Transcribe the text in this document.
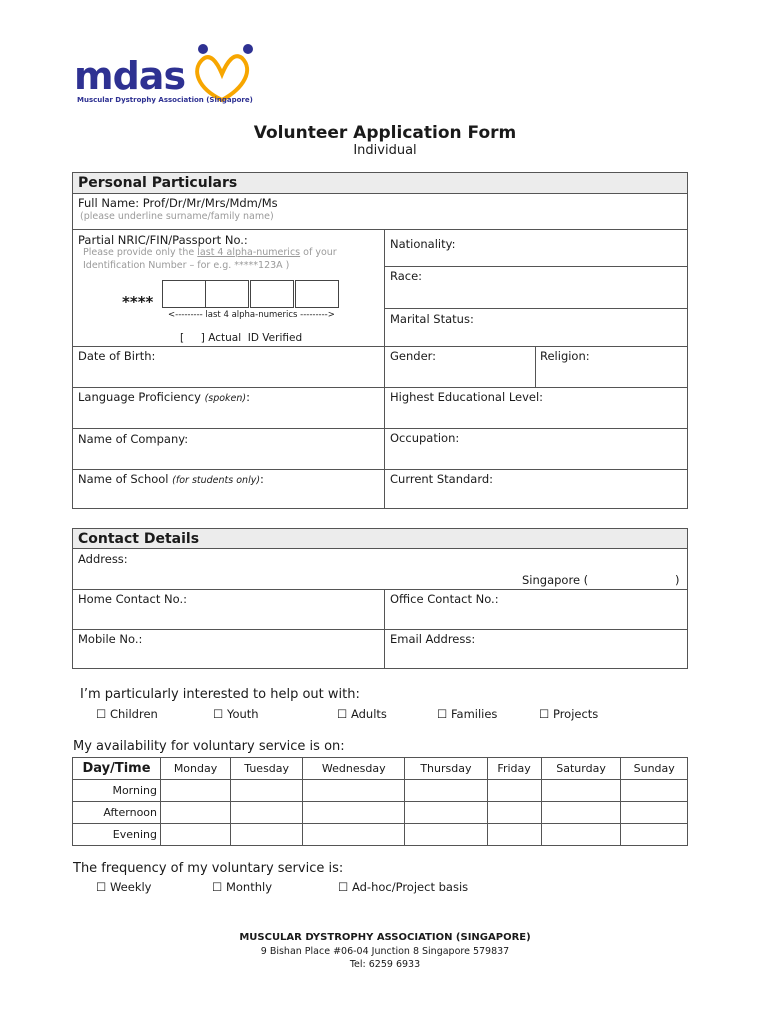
mdas
Muscular Dystrophy Association (Singapore)
Volunteer Application Form
Individual
Personal Particulars
Full Name: Prof/Dr/Mr/Mrs/Mdm/Ms
(please underline surname/family name)
Partial NRIC/FIN/Passport No.:
Please provide only the last 4 alpha-numerics of your
Identification Number – for e.g. *****123A )
****
<--------- last 4 alpha-numerics --------->
[     ] Actual  ID Verified
Nationality:
Race:
Marital Status:
Date of Birth:	Gender:	Religion:
Language Proficiency (spoken):	Highest Educational Level:
Name of Company:	Occupation:
Name of School (for students only):	Current Standard:
Contact Details
Address:
Singapore (	)
Home Contact No.:	Office Contact No.:
Mobile No.:	Email Address:
I’m particularly interested to help out with:
☐ Children	☐ Youth	☐ Adults	☐ Families	☐ Projects
My availability for voluntary service is on:
Day/Time	Monday	Tuesday	Wednesday	Thursday	Friday	Saturday	Sunday
Morning							
Afternoon							
Evening							
The frequency of my voluntary service is:
☐ Weekly	☐ Monthly	☐ Ad-hoc/Project basis
MUSCULAR DYSTROPHY ASSOCIATION (SINGAPORE)
9 Bishan Place #06-04 Junction 8 Singapore 579837
Tel: 6259 6933
